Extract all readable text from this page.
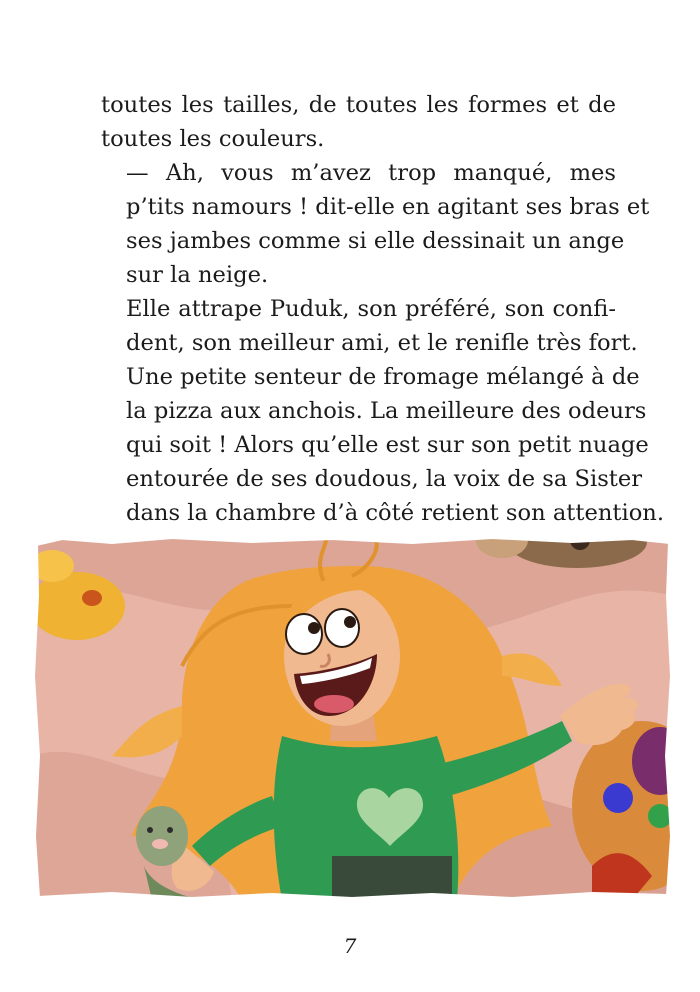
toutes les tailles, de toutes les formes et de
toutes les couleurs.

— Ah, vous m’avez trop manqué, mes
p’tits namours ! dit-elle en agitant ses bras et
ses jambes comme si elle dessinait un ange
sur la neige.

Elle attrape Puduk, son préféré, son confi-
dent, son meilleur ami, et le renifle très fort.
Une petite senteur de fromage mélangé à de
la pizza aux anchois. La meilleure des odeurs
qui soit ! Alors qu’elle est sur son petit nuage
entourée de ses doudous, la voix de sa Sister
dans la chambre d’à côté retient son attention.

7
